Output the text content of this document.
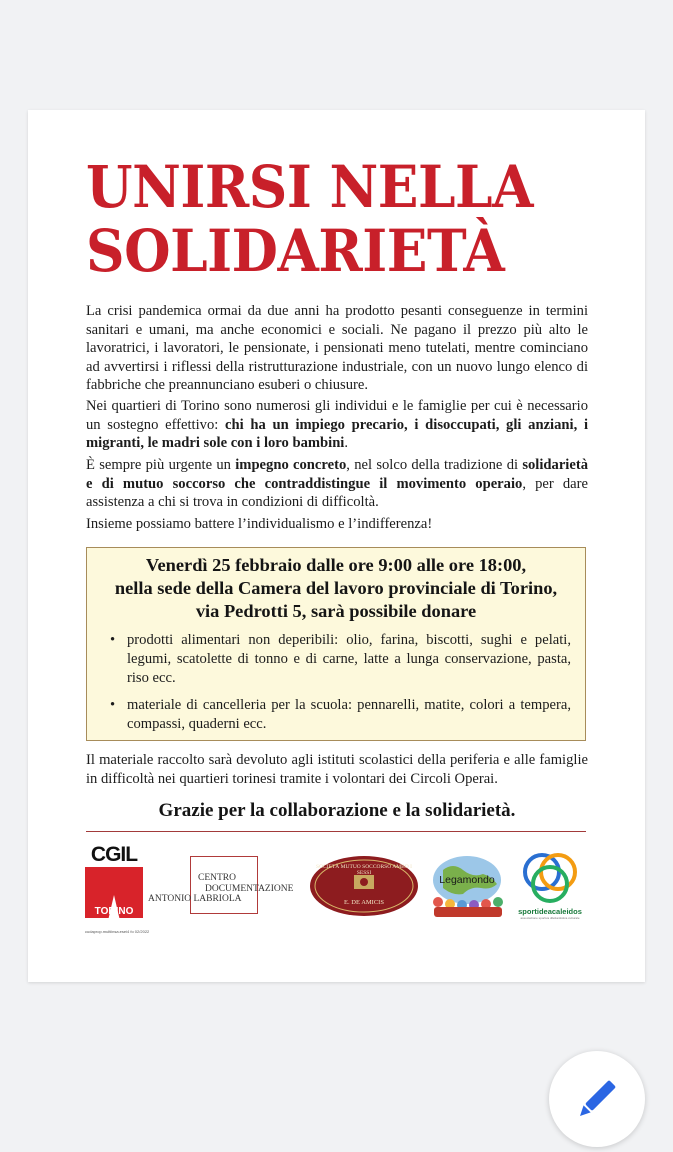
UNIRSI NELLA
SOLIDARIETÀ

La crisi pandemica ormai da due anni ha prodotto pesanti conseguenze in termini sanitari e umani, ma anche economici e sociali. Ne pagano il prezzo più alto le lavoratrici, i lavoratori, le pensionate, i pensionati meno tutelati, mentre cominciano ad avvertirsi i riflessi della ristrutturazione industriale, con un nuovo lungo elenco di fabbriche che preannunciano esuberi o chiusure.

Nei quartieri di Torino sono numerosi gli individui e le famiglie per cui è necessario un sostegno effettivo: chi ha un impiego precario, i disoccupati, gli anziani, i migranti, le madri sole con i loro bambini.

È sempre più urgente un impegno concreto, nel solco della tradizione di solidarietà e di mutuo soccorso che contraddistingue il movimento operaio, per dare assistenza a chi si trova in condizioni di difficoltà.

Insieme possiamo battere l’individualismo e l’indifferenza!

Venerdì 25 febbraio dalle ore 9:00 alle ore 18:00,
nella sede della Camera del lavoro provinciale di Torino,
via Pedrotti 5, sarà possibile donare
• prodotti alimentari non deperibili: olio, farina, biscotti, sughi e pelati, legumi, scatolette di tonno e di carne, latte a lunga conservazione, pasta, riso ecc.
• materiale di cancelleria per la scuola: pennarelli, matite, colori a tempera, compassi, quaderni ecc.

Il materiale raccolto sarà devoluto agli istituti scolastici della periferia e alle famiglie in difficoltà nei quartieri torinesi tramite i volontari dei Circoli Operai.

Grazie per la collaborazione e la solidarietà.

CGIL
TORINO
cudaprop.multiinsa.esei4 fo 02/2022
CENTRO
DOCUMENTAZIONE
ANTONIO LABRIOLA
SOCIETÀ MUTUO SOCCORSO AMBO I SESSI
E. DE AMICIS
Legamondo
sportideacaleidos
associazione sportiva dilettantistica culturale
